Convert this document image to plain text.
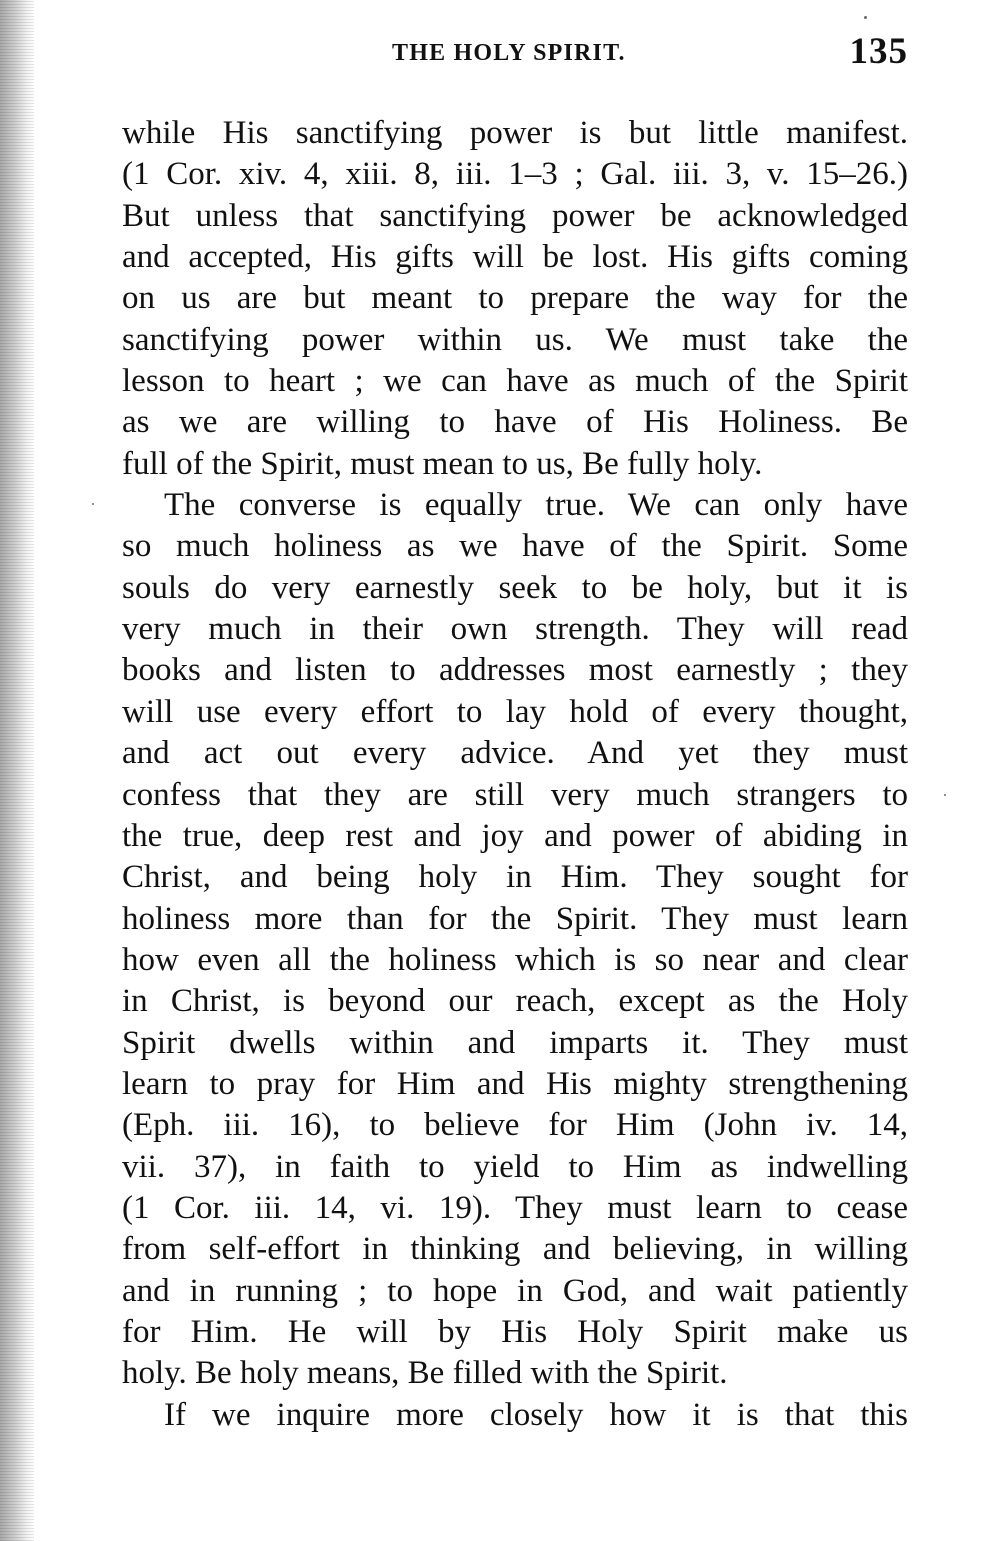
THE HOLY SPIRIT.	135
while His sanctifying power is but little manifest.
(1 Cor. xiv. 4, xiii. 8, iii. 1–3 ; Gal. iii. 3, v. 15–26.)
But unless that sanctifying power be acknowledged
and accepted, His gifts will be lost. His gifts coming
on us are but meant to prepare the way for the
sanctifying power within us. We must take the
lesson to heart ; we can have as much of the Spirit
as we are willing to have of His Holiness. Be
full of the Spirit, must mean to us, Be fully holy.
The converse is equally true. We can only have
so much holiness as we have of the Spirit. Some
souls do very earnestly seek to be holy, but it is
very much in their own strength. They will read
books and listen to addresses most earnestly ; they
will use every effort to lay hold of every thought,
and act out every advice. And yet they must
confess that they are still very much strangers to
the true, deep rest and joy and power of abiding in
Christ, and being holy in Him. They sought for
holiness more than for the Spirit. They must learn
how even all the holiness which is so near and clear
in Christ, is beyond our reach, except as the Holy
Spirit dwells within and imparts it. They must
learn to pray for Him and His mighty strengthening
(Eph. iii. 16), to believe for Him (John iv. 14,
vii. 37), in faith to yield to Him as indwelling
(1 Cor. iii. 14, vi. 19). They must learn to cease
from self-effort in thinking and believing, in willing
and in running ; to hope in God, and wait patiently
for Him. He will by His Holy Spirit make us
holy. Be holy means, Be filled with the Spirit.
If we inquire more closely how it is that this
